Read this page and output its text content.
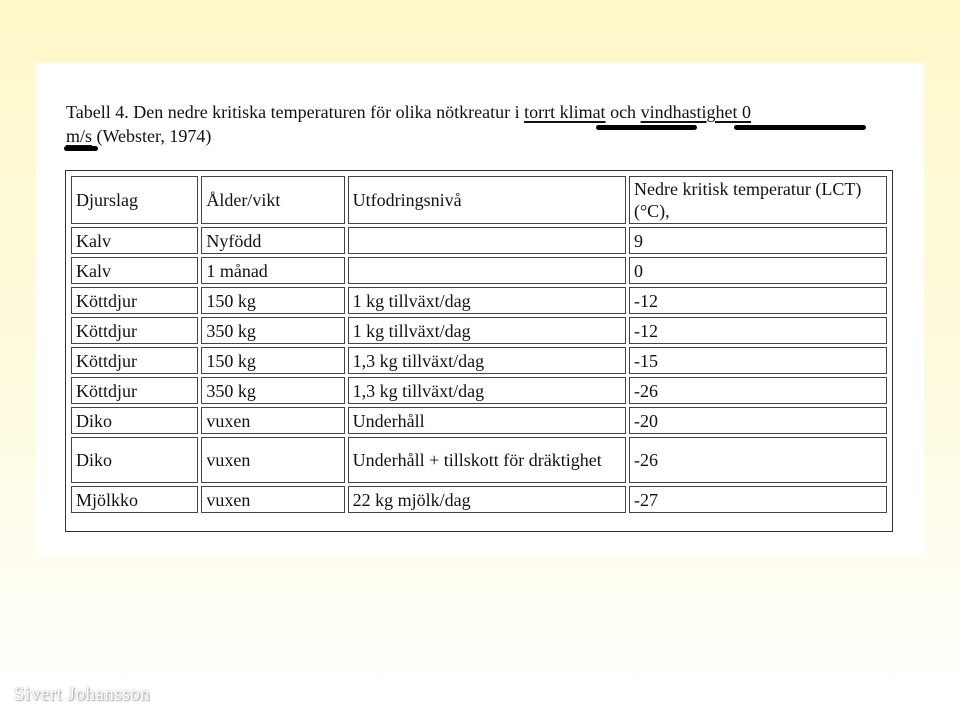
Tabell 4. Den nedre kritiska temperaturen för olika nötkreatur i torrt klimat och vindhastighet 0
m/s (Webster, 1974)
Djurslag	Ålder/vikt	Utfodringsnivå	Nedre kritisk temperatur (LCT) (°C),
Kalv	Nyfödd		9
Kalv	1 månad		0
Köttdjur	150 kg	1 kg tillväxt/dag	-12
Köttdjur	350 kg	1 kg tillväxt/dag	-12
Köttdjur	150 kg	1,3 kg tillväxt/dag	-15
Köttdjur	350 kg	1,3 kg tillväxt/dag	-26
Diko	vuxen	Underhåll	-20
Diko	vuxen	Underhåll + tillskott för dräktighet	-26
Mjölkko	vuxen	22 kg mjölk/dag	-27
Sivert Johansson
